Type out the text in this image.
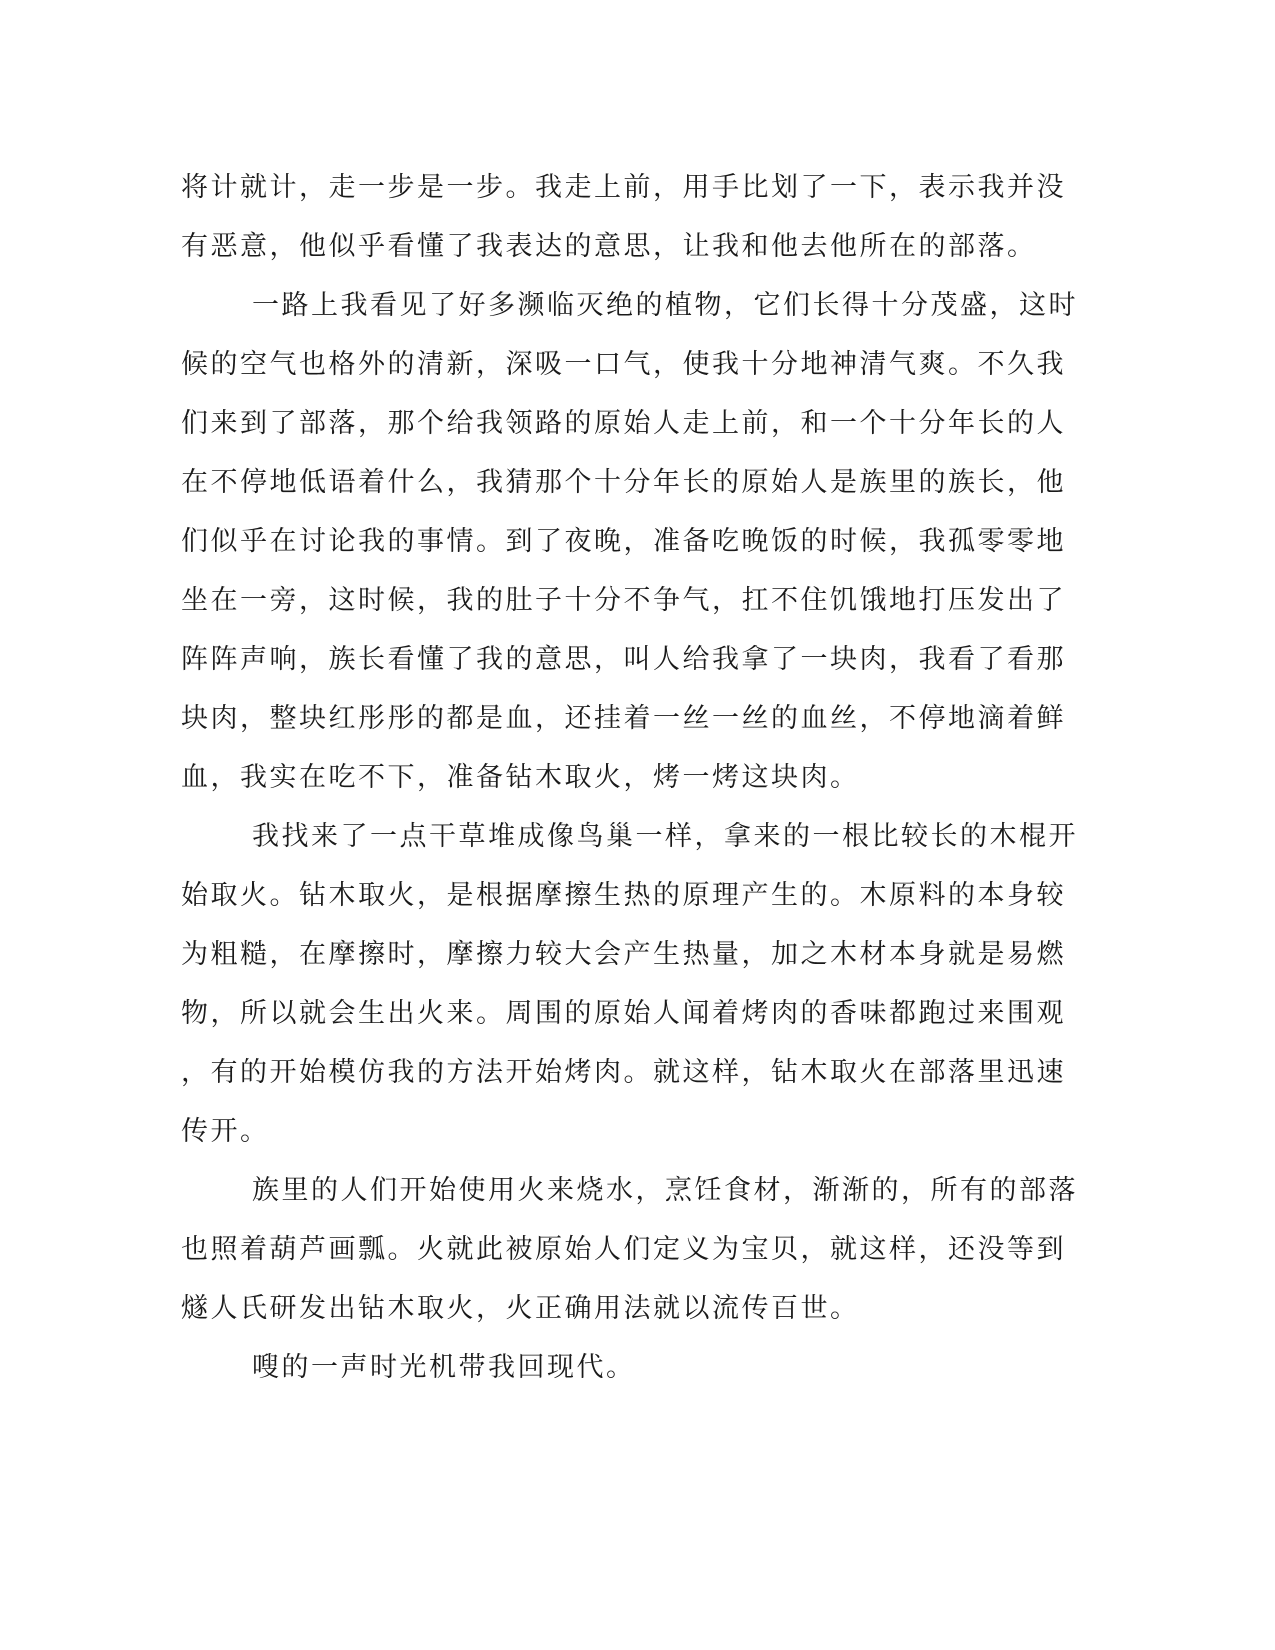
将计就计，走一步是一步。我走上前，用手比划了一下，表示我并没
有恶意，他似乎看懂了我表达的意思，让我和他去他所在的部落。
一路上我看见了好多濒临灭绝的植物，它们长得十分茂盛，这时
候的空气也格外的清新，深吸一口气，使我十分地神清气爽。不久我
们来到了部落，那个给我领路的原始人走上前，和一个十分年长的人
在不停地低语着什么，我猜那个十分年长的原始人是族里的族长，他
们似乎在讨论我的事情。到了夜晚，准备吃晚饭的时候，我孤零零地
坐在一旁，这时候，我的肚子十分不争气，扛不住饥饿地打压发出了
阵阵声响，族长看懂了我的意思，叫人给我拿了一块肉，我看了看那
块肉，整块红彤彤的都是血，还挂着一丝一丝的血丝，不停地滴着鲜
血，我实在吃不下，准备钻木取火，烤一烤这块肉。
我找来了一点干草堆成像鸟巢一样，拿来的一根比较长的木棍开
始取火。钻木取火，是根据摩擦生热的原理产生的。木原料的本身较
为粗糙，在摩擦时，摩擦力较大会产生热量，加之木材本身就是易燃
物，所以就会生出火来。周围的原始人闻着烤肉的香味都跑过来围观
，有的开始模仿我的方法开始烤肉。就这样，钻木取火在部落里迅速
传开。
族里的人们开始使用火来烧水，烹饪食材，渐渐的，所有的部落
也照着葫芦画瓢。火就此被原始人们定义为宝贝，就这样，还没等到
燧人氏研发出钻木取火，火正确用法就以流传百世。
嗖的一声时光机带我回现代。
